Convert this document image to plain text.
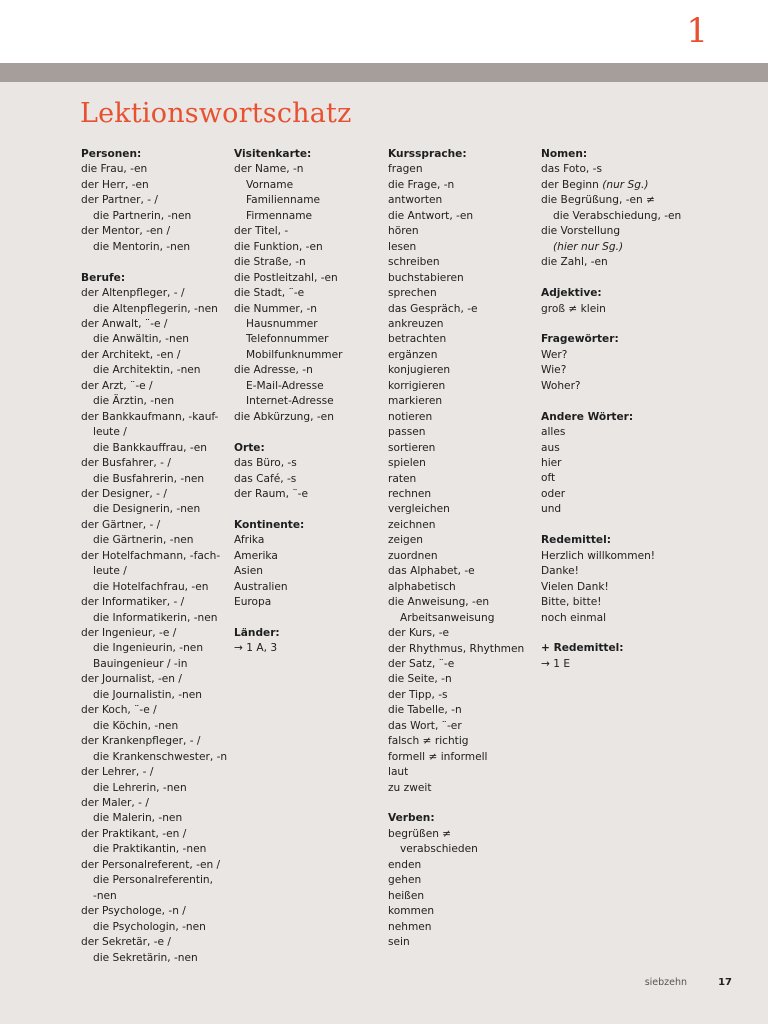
1
Lektionswortschatz
Personen:
die Frau, -en
der Herr, -en
der Partner, - /
die Partnerin, -nen
der Mentor, -en /
die Mentorin, -nen
Berufe:
der Altenpfleger, - /
die Altenpflegerin, -nen
der Anwalt, ¨-e /
die Anwältin, -nen
der Architekt, -en /
die Architektin, -nen
der Arzt, ¨-e /
die Ärztin, -nen
der Bankkaufmann, -kauf-
leute /
die Bankkauffrau, -en
der Busfahrer, - /
die Busfahrerin, -nen
der Designer, - /
die Designerin, -nen
der Gärtner, - /
die Gärtnerin, -nen
der Hotelfachmann, -fach-
leute /
die Hotelfachfrau, -en
der Informatiker, - /
die Informatikerin, -nen
der Ingenieur, -e /
die Ingenieurin, -nen
Bauingenieur / -in
der Journalist, -en /
die Journalistin, -nen
der Koch, ¨-e /
die Köchin, -nen
der Krankenpfleger, - /
die Krankenschwester, -n
der Lehrer, - /
die Lehrerin, -nen
der Maler, - /
die Malerin, -nen
der Praktikant, -en /
die Praktikantin, -nen
der Personalreferent, -en /
die Personalreferentin,
-nen
der Psychologe, -n /
die Psychologin, -nen
der Sekretär, -e /
die Sekretärin, -nen
Visitenkarte:
der Name, -n
Vorname
Familienname
Firmenname
der Titel, -
die Funktion, -en
die Straße, -n
die Postleitzahl, -en
die Stadt, ¨-e
die Nummer, -n
Hausnummer
Telefonnummer
Mobilfunknummer
die Adresse, -n
E-Mail-Adresse
Internet-Adresse
die Abkürzung, -en
Orte:
das Büro, -s
das Café, -s
der Raum, ¨-e
Kontinente:
Afrika
Amerika
Asien
Australien
Europa
Länder:
→ 1 A, 3
Kurssprache:
fragen
die Frage, -n
antworten
die Antwort, -en
hören
lesen
schreiben
buchstabieren
sprechen
das Gespräch, -e
ankreuzen
betrachten
ergänzen
konjugieren
korrigieren
markieren
notieren
passen
sortieren
spielen
raten
rechnen
vergleichen
zeichnen
zeigen
zuordnen
das Alphabet, -e
alphabetisch
die Anweisung, -en
Arbeitsanweisung
der Kurs, -e
der Rhythmus, Rhythmen
der Satz, ¨-e
die Seite, -n
der Tipp, -s
die Tabelle, -n
das Wort, ¨-er
falsch ≠ richtig
formell ≠ informell
laut
zu zweit
Verben:
begrüßen ≠
verabschieden
enden
gehen
heißen
kommen
nehmen
sein
Nomen:
das Foto, -s
der Beginn (nur Sg.)
die Begrüßung, -en ≠
die Verabschiedung, -en
die Vorstellung
(hier nur Sg.)
die Zahl, -en
Adjektive:
groß ≠ klein
Fragewörter:
Wer?
Wie?
Woher?
Andere Wörter:
alles
aus
hier
oft
oder
und
Redemittel:
Herzlich willkommen!
Danke!
Vielen Dank!
Bitte, bitte!
noch einmal
+ Redemittel:
→ 1 E
siebzehn	17
